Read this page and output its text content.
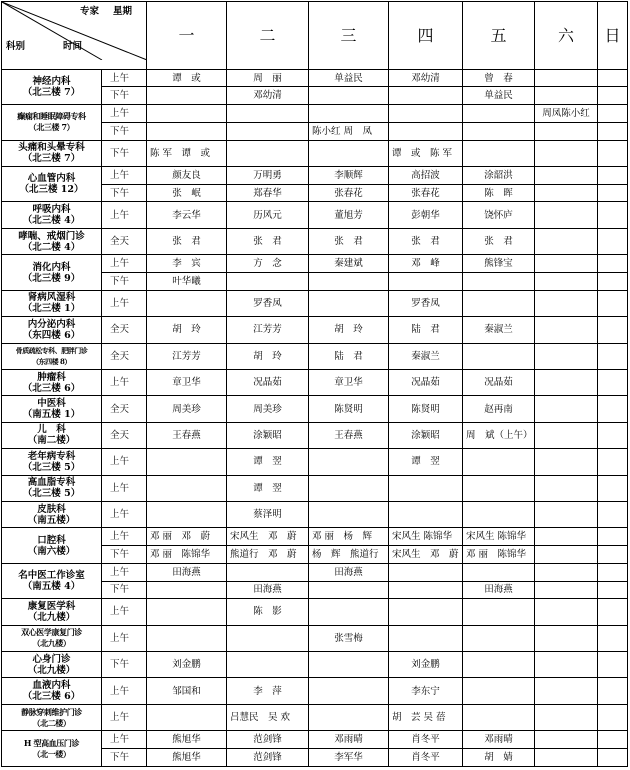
专家 星期
科别 时间		一	二	三	四	五	六	日

神经内科
（北三楼 7）	上午	谭　或	周　丽	单益民	邓幼清	曾　春		
	下午		邓幼清			单益民		

癫痫和睡眠障碍专科
（北三楼 7）	上午						周凤陈小红	
	下午			陈小红 周　凤				

头痛和头晕专科
（北三楼 7）	下午	陈 军　谭　或			谭　或　陈 军			

心血管内科
（北三楼 12）	上午	颜友良	万明勇	李顺辉	高招波	涂韶洪		
	下午	张　岷	郑春华	张春花	张春花	陈　晖		

呼吸内科
（北三楼 4）	上午	李云华	历风元	董旭芳	彭朝华	饶怀庐		

哮喘、戒烟门诊
（北二楼 4）	全天	张　君	张　君	张　君	张　君	张　君		

消化内科
（北三楼 9）	上午	李　宾	方　念	秦建斌	邓　峰	熊锋宝		
	下午	叶华曦						

肾病风湿科
（北三楼 1）	上午		罗香凤		罗香凤			

内分泌内科
（东四楼 6）	全天	胡　玲	江芳芳	胡　玲	陆　君	秦淑兰		

骨质疏松专科、肥胖门诊
（东四楼 8）	全天	江芳芳	胡　玲	陆　君	秦淑兰			

肿瘤科
（北三楼 6）	上午	章卫华	况晶茹	章卫华	况晶茹	况晶茹		

中医科
（南五楼 1）	全天	周美珍	周美珍	陈贤明	陈贤明	赵再南		

儿　科
（南二楼）	全天	王春燕	涂颖昭	王春燕	涂颖昭	周　斌（上午）		

老年病专科
（北三楼 5）	上午		谭　翌		谭　翌			

高血脂专科
（北三楼 5）	上午		谭　翌					

皮肤科
（南五楼）	上午		蔡泽明					

口腔科
（南六楼）	上午	邓 丽　邓　蔚	宋风生　邓　蔚	邓 丽　杨　辉	宋风生 陈锦华	宋风生 陈锦华		
	下午	邓 丽　陈锦华	熊道行　邓　蔚	杨　辉　熊道行	宋风生　邓　蔚	邓 丽　陈锦华		

名中医工作诊室
（南五楼 4）	上午	田海燕		田海燕				
	下午		田海燕			田海燕		

康复医学科
（北九楼）	上午		陈　影					

双心医学康复门诊
（北九楼）	上午			张雪梅				

心身门诊
（北九楼）	下午	刘金鹏			刘金鹏			

血液内科
（北三楼 6）	上午	邹国和	李　萍		李东宁			

静脉穿刺维护门诊
（北二楼）	上午		吕慧民　吴 欢		胡　芸 吴 蓓			

H 型高血压门诊
（北一楼）	上午	熊旭华	范剑锋	邓雨晴	肖冬平	邓雨晴		
	下午	熊旭华	范剑锋	李军华	肖冬平	胡　婧		
